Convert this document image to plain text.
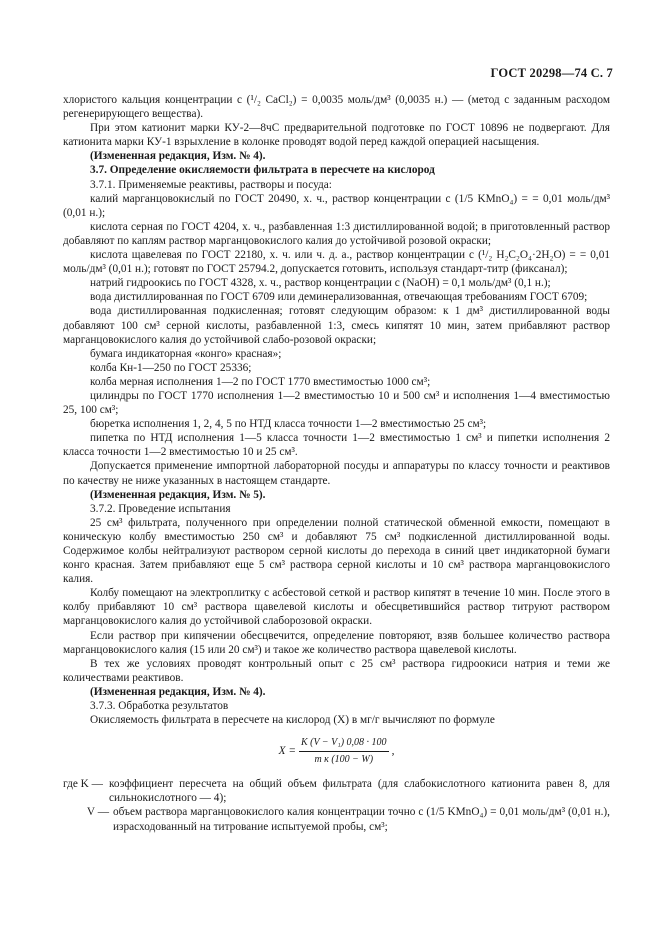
ГОСТ 20298—74 С. 7

хлористого кальция концентрации c (¹/₂ CaCl₂) = 0,0035 моль/дм³ (0,0035 н.) — (метод с заданным расходом регенерирующего вещества).

При этом катионит марки КУ-2—8чС предварительной подготовке по ГОСТ 10896 не подвергают. Для катионита марки КУ-1 взрыхление в колонке проводят водой перед каждой операцией насыщения.

(Измененная редакция, Изм. № 4).

3.7. Определение окисляемости фильтрата в пересчете на кислород

3.7.1. Применяемые реактивы, растворы и посуда:

калий марганцовокислый по ГОСТ 20490, х. ч., раствор концентрации c (1/5 KMnO₄) = = 0,01 моль/дм³ (0,01 н.);

кислота серная по ГОСТ 4204, х. ч., разбавленная 1:3 дистиллированной водой; в приготовленный раствор добавляют по каплям раствор марганцовокислого калия до устойчивой розовой окраски;

кислота щавелевая по ГОСТ 22180, х. ч. или ч. д. а., раствор концентрации c (¹/₂ H₂C₂O₄·2H₂O) = = 0,01 моль/дм³ (0,01 н.); готовят по ГОСТ 25794.2, допускается готовить, используя стандарт-титр (фиксанал);

натрий гидроокись по ГОСТ 4328, х. ч., раствор концентрации c (NaOH) = 0,1 моль/дм³ (0,1 н.);

вода дистиллированная по ГОСТ 6709 или деминерализованная, отвечающая требованиям ГОСТ 6709;

вода дистиллированная подкисленная; готовят следующим образом: к 1 дм³ дистиллированной воды добавляют 100 см³ серной кислоты, разбавленной 1:3, смесь кипятят 10 мин, затем прибавляют раствор марганцовокислого калия до устойчивой слабо-розовой окраски;

бумага индикаторная «конго» красная»;

колба Кн-1—250 по ГОСТ 25336;

колба мерная исполнения 1—2 по ГОСТ 1770 вместимостью 1000 см³;

цилиндры по ГОСТ 1770 исполнения 1—2 вместимостью 10 и 500 см³ и исполнения 1—4 вместимостью 25, 100 см³;

бюретка исполнения 1, 2, 4, 5 по НТД класса точности 1—2 вместимостью 25 см³;

пипетка по НТД исполнения 1—5 класса точности 1—2 вместимостью 1 см³ и пипетки исполнения 2 класса точности 1—2 вместимостью 10 и 25 см³.

Допускается применение импортной лабораторной посуды и аппаратуры по классу точности и реактивов по качеству не ниже указанных в настоящем стандарте.

(Измененная редакция, Изм. № 5).

3.7.2. Проведение испытания

25 см³ фильтрата, полученного при определении полной статической обменной емкости, помещают в коническую колбу вместимостью 250 см³ и добавляют 75 см³ подкисленной дистиллированной воды. Содержимое колбы нейтрализуют раствором серной кислоты до перехода в синий цвет индикаторной бумаги конго красная. Затем прибавляют еще 5 см³ раствора серной кислоты и 10 см³ раствора марганцовокислого калия.

Колбу помещают на электроплитку с асбестовой сеткой и раствор кипятят в течение 10 мин. После этого в колбу прибавляют 10 см³ раствора щавелевой кислоты и обесцветившийся раствор титруют раствором марганцовокислого калия до устойчивой слаборозовой окраски.

Если раствор при кипячении обесцвечится, определение повторяют, взяв большее количество раствора марганцовокислого калия (15 или 20 см³) и такое же количество раствора щавелевой кислоты.

В тех же условиях проводят контрольный опыт с 25 см³ раствора гидроокиси натрия и теми же количествами реактивов.

(Измененная редакция, Изм. № 4).

3.7.3. Обработка результатов

Окисляемость фильтрата в пересчете на кислород (X) в мг/г вычисляют по формуле

$X = \frac{\text{K (V − V₁) 0,08 · 100}}{\text{m к (100 − W)}}$ ,
где K — коэффициент пересчета на общий объем фильтрата (для слабокислотного катионита равен 8, для сильнокислотного — 4);
V — объем раствора марганцовокислого калия концентрации точно c (1/5 KMnO₄) = 0,01 моль/дм³ (0,01 н.), израсходованный на титрование испытуемой пробы, см³;
